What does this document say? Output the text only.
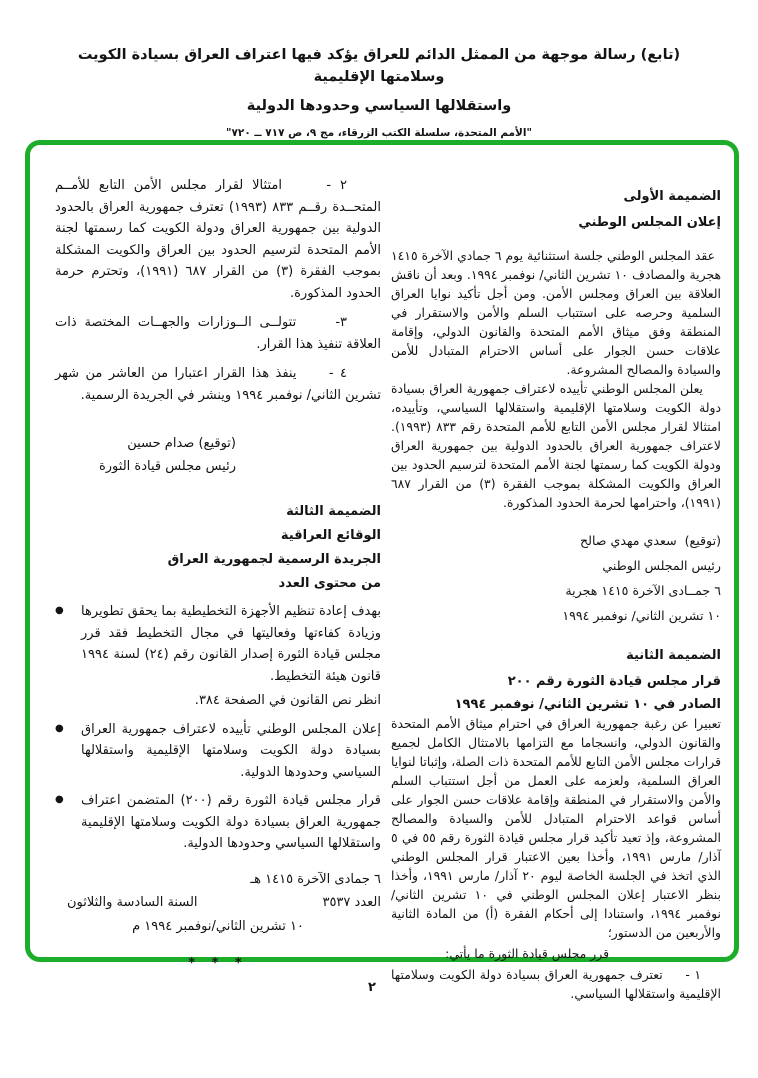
(تابع) رسالة موجهة من الممثل الدائم للعراق يؤكد فيها اعتراف العراق بسيادة الكويت وسلامتها الإقليمية
واستقلالها السياسي وحدودها الدولية
"الأمم المتحدة، سلسلة الكتب الزرقاء، مج ٩، ص ٧١٧ ــ ٧٢٠"
الضميمة الأولى
إعلان المجلس الوطني

عقد المجلس الوطني جلسة استثنائية يوم ٦ جمادي الآخرة ١٤١٥ هجرية والمصادف ١٠ تشرين الثاني/ نوفمبر ١٩٩٤. وبعد أن ناقش العلاقة بين العراق ومجلس الأمن. ومن أجل تأكيد نوايا العراق السلمية وحرصه على استتباب السلم والأمن والاستقرار في المنطقة وفق ميثاق الأمم المتحدة والقانون الدولي، وإقامة علاقات حسن الجوار على أساس الاحترام المتبادل للأمن والسيادة والمصالح المشروعة.

يعلن المجلس الوطني تأييده لاعتراف جمهورية العراق بسيادة دولة الكويت وسلامتها الإقليمية واستقلالها السياسي، وتأييده، امتثالا لقرار مجلس الأمن التابع للأمم المتحدة رقم ٨٣٣ (١٩٩٣). لاعتراف جمهورية العراق بالحدود الدولية بين جمهورية العراق ودولة الكويت كما رسمتها لجنة الأمم المتحدة لترسيم الحدود بين العراق والكويت المشكلة بموجب الفقرة (٣) من القرار ٦٨٧ (١٩٩١)، واحترامها لحرمة الحدود المذكورة.

(توقيع)  سعدي مهدي صالح
رئيس المجلس الوطني
٦ جمــادى الآخرة ١٤١٥ هجرية
١٠ تشرين الثاني/ نوفمبر ١٩٩٤
الضميمة الثانية
قرار مجلس قيادة الثورة رقم ٢٠٠
الصادر في ١٠ تشرين الثاني/ نوفمبر ١٩٩٤

تعبيرا عن رغبة جمهورية العراق في احترام ميثاق الأمم المتحدة والقانون الدولي، وانسجاما مع التزامها بالامتثال الكامل لجميع قرارات مجلس الأمن التابع للأمم المتحدة ذات الصلة، وإثباتا لنوايا العراق السلمية، ولعزمه على العمل من أجل استتباب السلم والأمن والاستقرار في المنطقة وإقامة علاقات حسن الجوار على أساس قواعد الاحترام المتبادل للأمن والسيادة والمصالح المشروعة، وإذ تعيد تأكيد قرار مجلس قيادة الثورة رقم ٥٥ في ٥ آذار/ مارس ١٩٩١، وأخذا بعين الاعتبار قرار المجلس الوطني الذي اتخذ في الجلسة الخاصة ليوم ٢٠ آذار/ مارس ١٩٩١، وأخذا بنظر الاعتبار إعلان المجلس الوطني في ١٠ تشرين الثاني/ نوفمبر ١٩٩٤، واستنادا إلى أحكام الفقرة (أ) من المادة الثانية والأربعين من الدستور؛

قرر مجلس قيادة الثورة ما يأتي:

١ -     تعترف جمهورية العراق بسيادة دولة الكويت وسلامتها الإقليمية واستقلالها السياسي.

٢ -     امتثالا لقرار مجلس الأمن التابع للأمــم المتحــدة رقــم ٨٣٣ (١٩٩٣) تعترف جمهورية العراق بالحدود الدولية بين جمهورية العراق ودولة الكويت كما رسمتها لجنة الأمم المتحدة لترسيم الحدود بين العراق والكويت المشكلة بموجب الفقرة (٣) من القرار ٦٨٧ (١٩٩١)، وتحترم حرمة الحدود المذكورة.

٣-     تتولــى الــوزارات والجهــات المختصة ذات العلاقة تنفيذ هذا القرار.

٤ -     ينفذ هذا القرار اعتبارا من العاشر من شهر تشرين الثاني/ نوفمبر ١٩٩٤ وينشر في الجريدة الرسمية.

(توقيع) صدام حسين
رئيس مجلس قيادة الثورة
الضميمة الثالثة
الوقائع العراقية
الجريدة الرسمية لجمهورية العراق
من محتوى العدد
● بهدف إعادة تنظيم الأجهزة التخطيطية بما يحقق تطويرها وزيادة كفاءتها وفعاليتها في مجال التخطيط فقد قرر مجلس قيادة الثورة إصدار القانون رقم (٢٤) لسنة ١٩٩٤ قانون هيئة التخطيط.

انظر نص القانون في الصفحة ٣٨٤.

● إعلان المجلس الوطني تأييده لاعتراف جمهورية العراق بسيادة دولة الكويت وسلامتها الإقليمية واستقلالها السياسي وحدودها الدولية.

● قرار مجلس قيادة الثورة رقم (٢٠٠) المتضمن اعتراف جمهورية العراق بسيادة دولة الكويت وسلامتها الإقليمية واستقلالها السياسي وحدودها الدولية.

٦ جمادى الآخرة ١٤١٥ هـ

العدد ٣٥٣٧
السنة السادسة والثلاثون

١٠ تشرين الثاني/نوفمبر ١٩٩٤ م

* * *

٢
